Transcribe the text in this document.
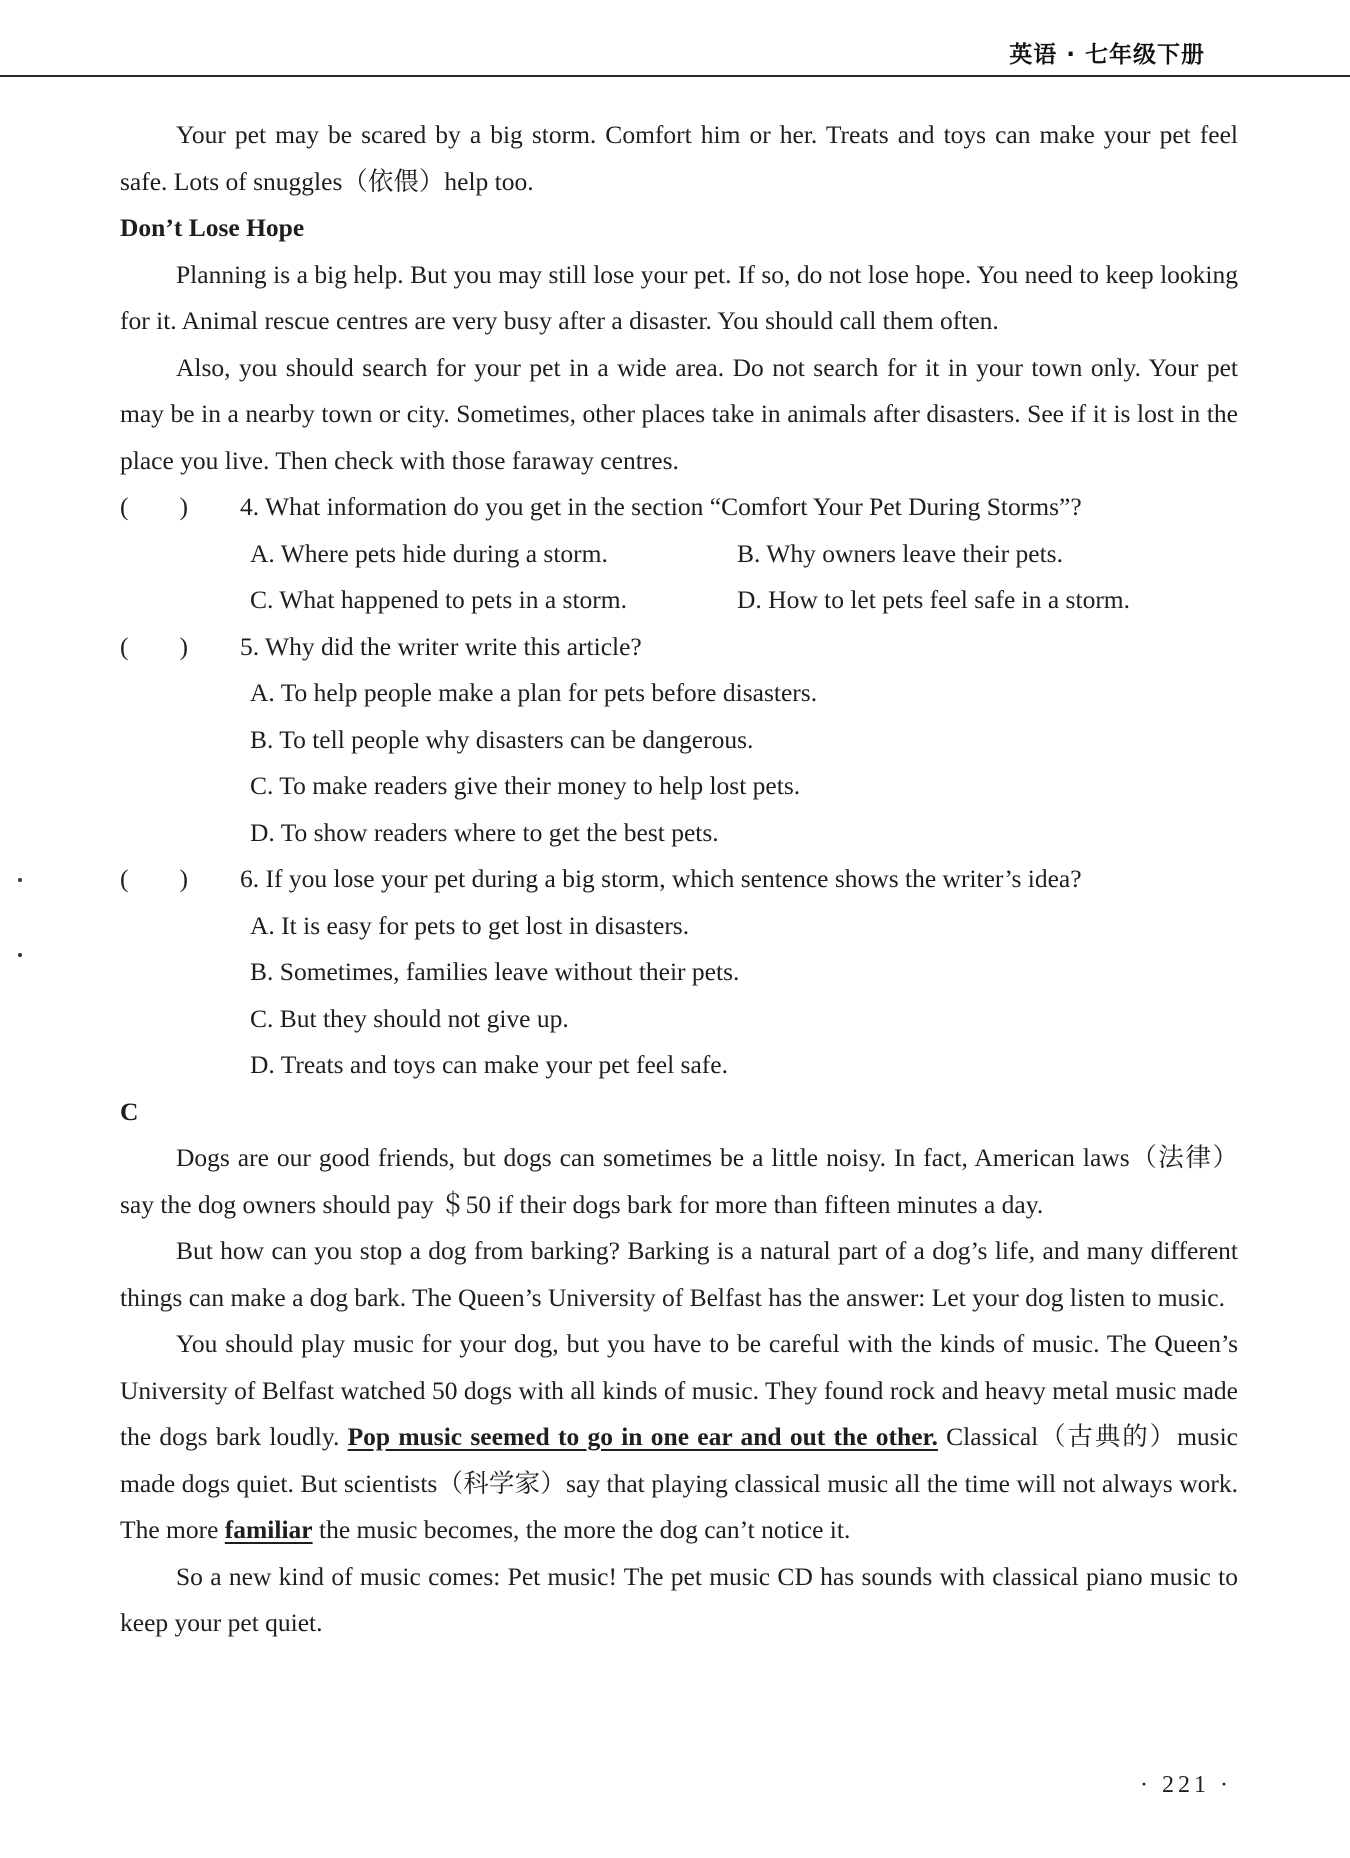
英语 · 七年级下册

Your pet may be scared by a big storm. Comfort him or her. Treats and toys can make your pet feel safe. Lots of snuggles（依偎）help too.

Don’t Lose Hope

Planning is a big help. But you may still lose your pet. If so, do not lose hope. You need to keep looking for it. Animal rescue centres are very busy after a disaster. You should call them often.

Also, you should search for your pet in a wide area. Do not search for it in your town only. Your pet may be in a nearby town or city. Sometimes, other places take in animals after disasters. See if it is lost in the place you live. Then check with those faraway centres.

(　　)	4. What information do you get in the section “Comfort Your Pet During Storms”?
A. Where pets hide during a storm.	B. Why owners leave their pets.
C. What happened to pets in a storm.	D. How to let pets feel safe in a storm.
(　　)	5. Why did the writer write this article?
A. To help people make a plan for pets before disasters.
B. To tell people why disasters can be dangerous.
C. To make readers give their money to help lost pets.
D. To show readers where to get the best pets.
(　　)	6. If you lose your pet during a big storm, which sentence shows the writer’s idea?
A. It is easy for pets to get lost in disasters.
B. Sometimes, families leave without their pets.
C. But they should not give up.
D. Treats and toys can make your pet feel safe.

C

Dogs are our good friends, but dogs can sometimes be a little noisy. In fact, American laws（法律）say the dog owners should pay ＄50 if their dogs bark for more than fifteen minutes a day.

But how can you stop a dog from barking? Barking is a natural part of a dog’s life, and many different things can make a dog bark. The Queen’s University of Belfast has the answer: Let your dog listen to music.

You should play music for your dog, but you have to be careful with the kinds of music. The Queen’s University of Belfast watched 50 dogs with all kinds of music. They found rock and heavy metal music made the dogs bark loudly. Pop music seemed to go in one ear and out the other. Classical（古典的）music made dogs quiet. But scientists（科学家）say that playing classical music all the time will not always work. The more familiar the music becomes, the more the dog can’t notice it.

So a new kind of music comes: Pet music! The pet music CD has sounds with classical piano music to keep your pet quiet.

· 221 ·
